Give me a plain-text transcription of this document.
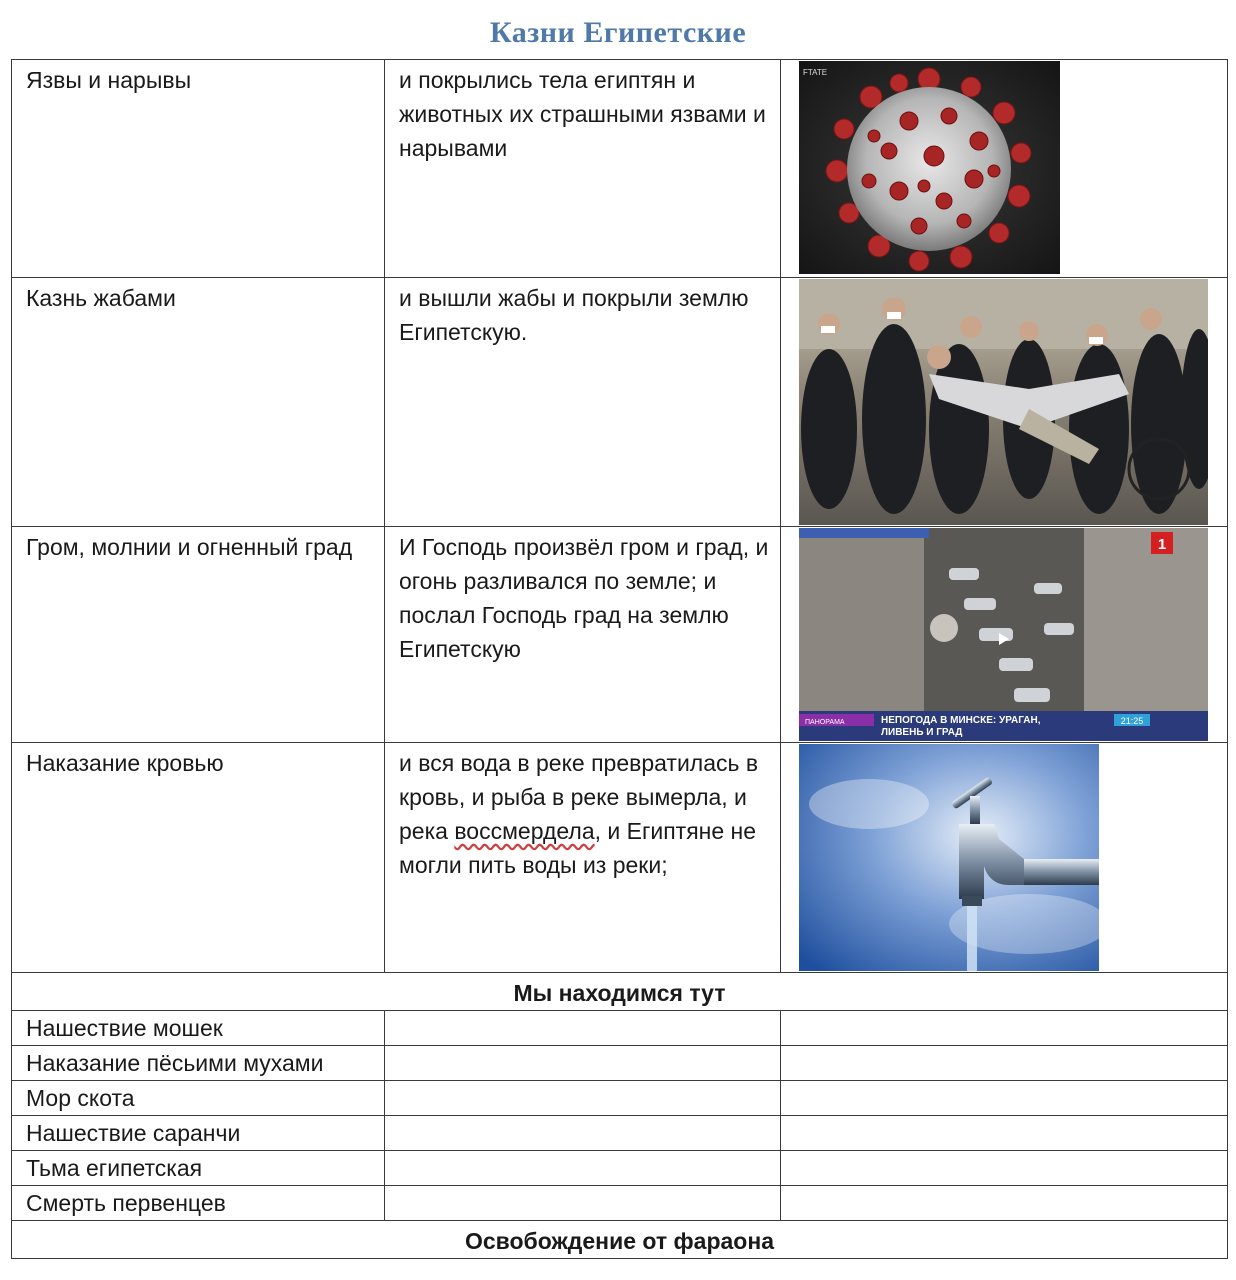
Казни Египетские
Язвы и нарывы	и покрылись тела египтян и животных их страшными язвами и нарывами	FTATE

Казнь жабами	и вышли жабы и покрыли землю Египетскую.	

Гром, молнии и огненный град	И Господь произвёл гром и град, и огонь разливался по земле; и послал Господь град на землю Египетскую	1
ПАНОРАМА НЕПОГОДА В МИНСКЕ: УРАГАН,
ЛИВЕНЬ И ГРАД
21:25

Наказание кровью	и вся вода в реке превратилась в кровь, и рыба в реке вымерла, и река воссмердела, и Египтяне не могли пить воды из реки;	

Мы находимся тут		
Нашествие мошек		
Наказание пёсьими мухами		
Мор скота		
Нашествие саранчи		
Тьма египетская		
Смерть первенцев		
Освобождение от фараона		
